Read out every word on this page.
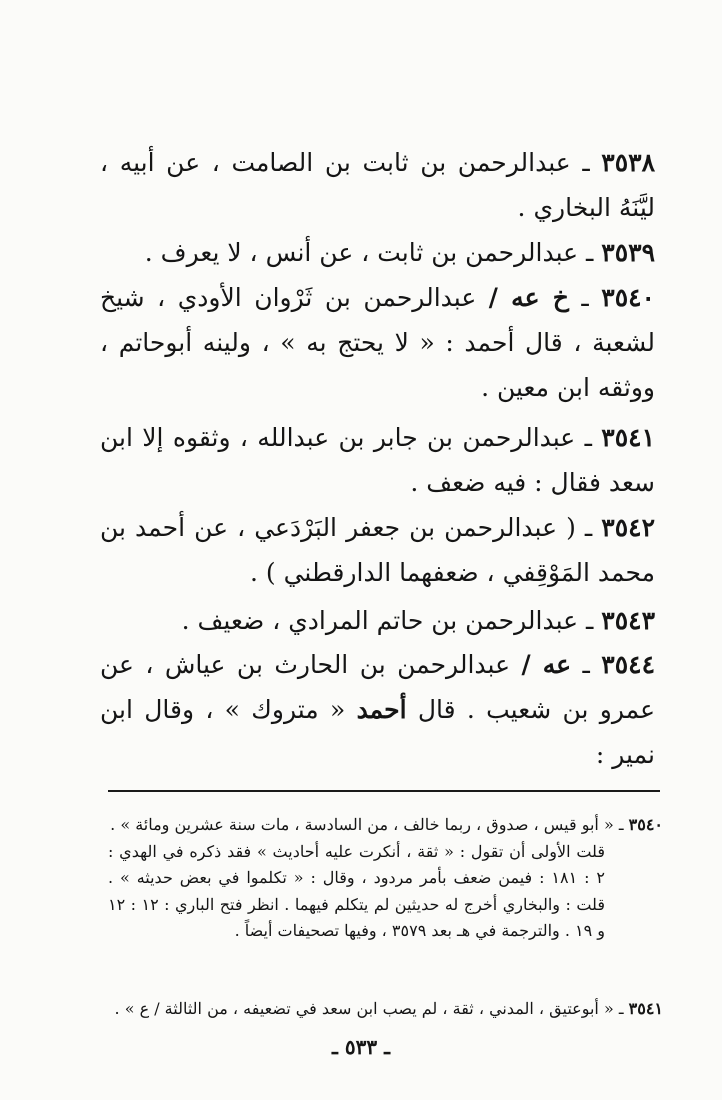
٣٥٣٨ ـ عبدالرحمن بن ثابت بن الصامت ، عن أبيه ، ليَّنَهُ البخاري .

٣٥٣٩ ـ عبدالرحمن بن ثابت ، عن أنس ، لا يعرف .

٣٥٤٠ ـ خ عه / عبدالرحمن بن ثَرْوان الأودي ، شيخ لشعبة ، قال أحمد : « لا يحتج به » ، ولينه أبوحاتم ، ووثقه ابن معين .

٣٥٤١ ـ عبدالرحمن بن جابر بن عبدالله ، وثقوه إلا ابن سعد فقال : فيه ضعف .

٣٥٤٢ ـ ( عبدالرحمن بن جعفر البَرْدَعي ، عن أحمد بن محمد المَوْقِفي ، ضعفهما الدارقطني ) .

٣٥٤٣ ـ عبدالرحمن بن حاتم المرادي ، ضعيف .

٣٥٤٤ ـ عه / عبدالرحمن بن الحارث بن عياش ، عن عمرو بن شعيب . قال أحمد « متروك » ، وقال ابن نمير :

٣٥٤٠ ـ « أبو قيس ، صدوق ، ربما خالف ، من السادسة ، مات سنة عشرين ومائة » .
قلت الأولى أن تقول : « ثقة ، أنكرت عليه أحاديث » فقد ذكره في الهدي : ٢ : ١٨١ : فيمن ضعف بأمر مردود ، وقال : « تكلموا في بعض حديثه » . قلت : والبخاري أخرج له حديثين لم يتكلم فيهما . انظر فتح الباري : ١٢ : ١٢ و ١٩ . والترجمة في هـ بعد ٣٥٧٩ ، وفيها تصحيفات أيضاً .
٣٥٤١ ـ « أبوعتيق ، المدني ، ثقة ، لم يصب ابن سعد في تضعيفه ، من الثالثة / ع » .
ـ ٥٣٣ ـ
